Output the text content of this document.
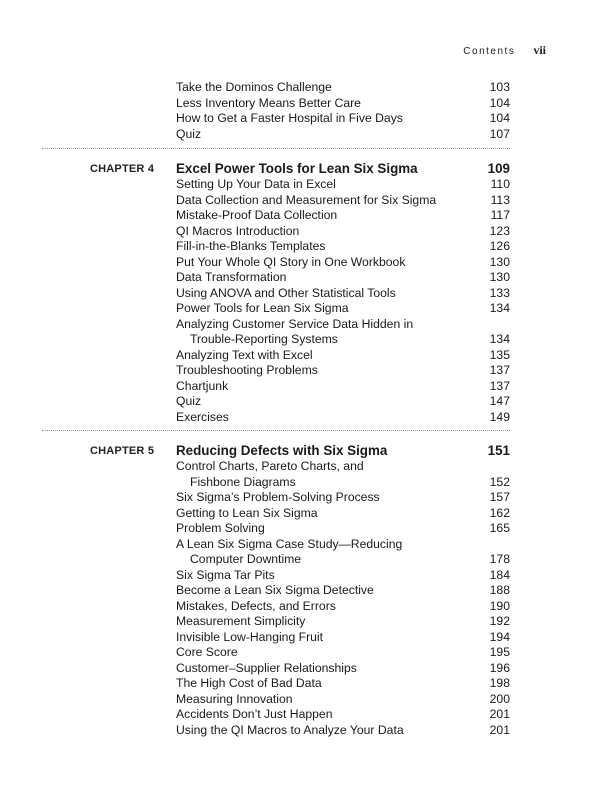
Contents vii
Take the Dominos Challenge	103
Less Inventory Means Better Care	104
How to Get a Faster Hospital in Five Days	104
Quiz	107
CHAPTER 4 Excel Power Tools for Lean Six Sigma	109
Setting Up Your Data in Excel	110
Data Collection and Measurement for Six Sigma	113
Mistake-Proof Data Collection	117
QI Macros Introduction	123
Fill-in-the-Blanks Templates	126
Put Your Whole QI Story in One Workbook	130
Data Transformation	130
Using ANOVA and Other Statistical Tools	133
Power Tools for Lean Six Sigma	134
Analyzing Customer Service Data Hidden in
Trouble-Reporting Systems	134
Analyzing Text with Excel	135
Troubleshooting Problems	137
Chartjunk	137
Quiz	147
Exercises	149
CHAPTER 5 Reducing Defects with Six Sigma	151
Control Charts, Pareto Charts, and
Fishbone Diagrams	152
Six Sigma’s Problem-Solving Process	157
Getting to Lean Six Sigma	162
Problem Solving	165
A Lean Six Sigma Case Study—Reducing
Computer Downtime	178
Six Sigma Tar Pits	184
Become a Lean Six Sigma Detective	188
Mistakes, Defects, and Errors	190
Measurement Simplicity	192
Invisible Low-Hanging Fruit	194
Core Score	195
Customer–Supplier Relationships	196
The High Cost of Bad Data	198
Measuring Innovation	200
Accidents Don’t Just Happen	201
Using the QI Macros to Analyze Your Data	201
